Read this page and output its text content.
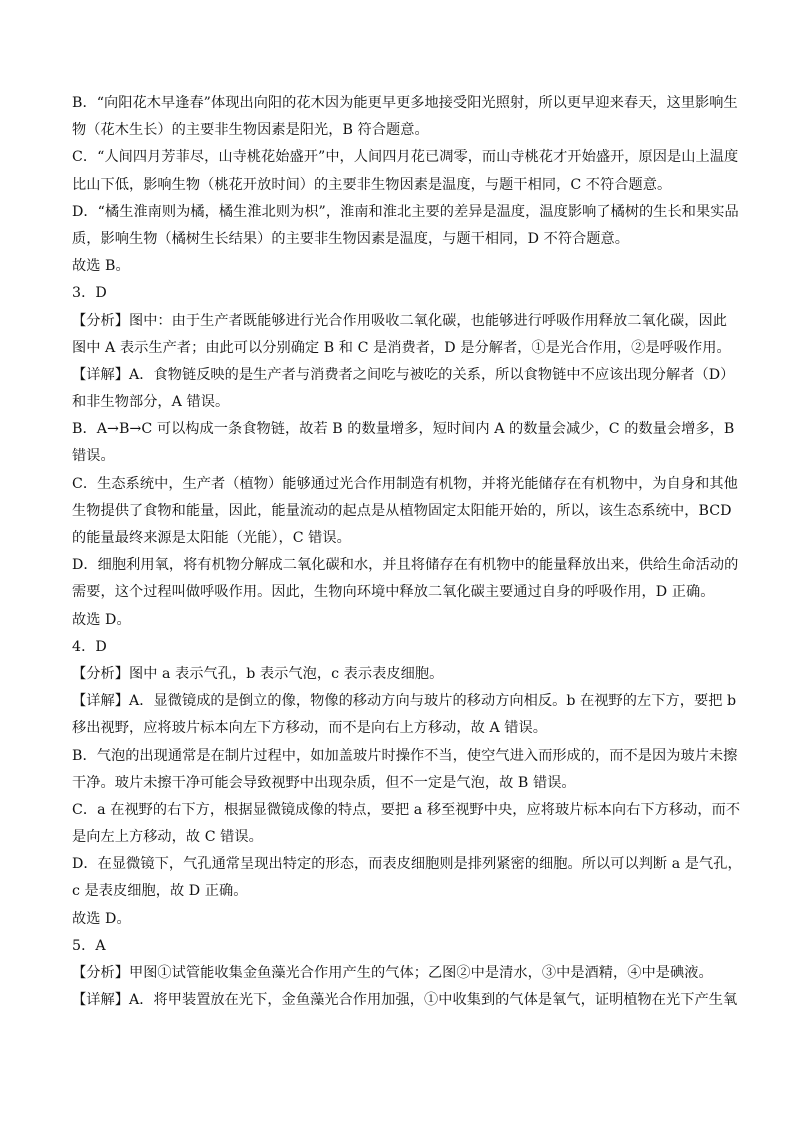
B．“向阳花木早逢春”体现出向阳的花木因为能更早更多地接受阳光照射，所以更早迎来春天，这里影响生
物（花木生长）的主要非生物因素是阳光，B 符合题意。
C．“人间四月芳菲尽，山寺桃花始盛开”中，人间四月花已凋零，而山寺桃花才开始盛开，原因是山上温度
比山下低，影响生物（桃花开放时间）的主要非生物因素是温度，与题干相同，C 不符合题意。
D．“橘生淮南则为橘，橘生淮北则为枳”，淮南和淮北主要的差异是温度，温度影响了橘树的生长和果实品
质，影响生物（橘树生长结果）的主要非生物因素是温度，与题干相同，D 不符合题意。
故选 B。
3．D
【分析】图中：由于生产者既能够进行光合作用吸收二氧化碳，也能够进行呼吸作用释放二氧化碳，因此
图中 A 表示生产者；由此可以分别确定 B 和 C 是消费者，D 是分解者，①是光合作用，②是呼吸作用。
【详解】A．食物链反映的是生产者与消费者之间吃与被吃的关系，所以食物链中不应该出现分解者（D）
和非生物部分，A 错误。
B．A→B→C 可以构成一条食物链，故若 B 的数量增多，短时间内 A 的数量会减少，C 的数量会增多，B
错误。
C．生态系统中，生产者（植物）能够通过光合作用制造有机物，并将光能储存在有机物中，为自身和其他
生物提供了食物和能量，因此，能量流动的起点是从植物固定太阳能开始的，所以，该生态系统中，BCD
的能量最终来源是太阳能（光能），C 错误。
D．细胞利用氧，将有机物分解成二氧化碳和水，并且将储存在有机物中的能量释放出来，供给生命活动的
需要，这个过程叫做呼吸作用。因此，生物向环境中释放二氧化碳主要通过自身的呼吸作用，D 正确。
故选 D。
4．D
【分析】图中 a 表示气孔，b 表示气泡，c 表示表皮细胞。
【详解】A．显微镜成的是倒立的像，物像的移动方向与玻片的移动方向相反。b 在视野的左下方，要把 b
移出视野，应将玻片标本向左下方移动，而不是向右上方移动，故 A 错误。
B．气泡的出现通常是在制片过程中，如加盖玻片时操作不当，使空气进入而形成的，而不是因为玻片未擦
干净。玻片未擦干净可能会导致视野中出现杂质，但不一定是气泡，故 B 错误。
C．a 在视野的右下方，根据显微镜成像的特点，要把 a 移至视野中央，应将玻片标本向右下方移动，而不
是向左上方移动，故 C 错误。
D．在显微镜下，气孔通常呈现出特定的形态，而表皮细胞则是排列紧密的细胞。所以可以判断 a 是气孔，
c 是表皮细胞，故 D 正确。
故选 D。
5．A
【分析】甲图①试管能收集金鱼藻光合作用产生的气体；乙图②中是清水，③中是酒精，④中是碘液。
【详解】A．将甲装置放在光下，金鱼藻光合作用加强，①中收集到的气体是氧气，证明植物在光下产生氧
